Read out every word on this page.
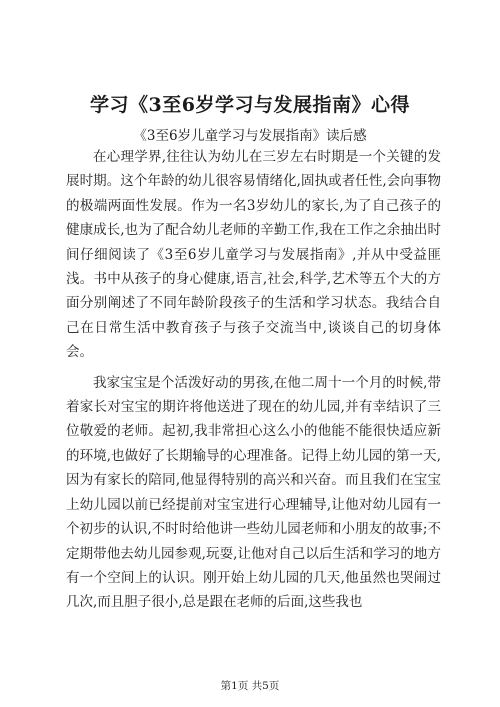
学习《3至6岁学习与发展指南》心得
《3至6岁儿童学习与发展指南》读后感

在心理学界,往往认为幼儿在三岁左右时期是一个关键的发展时期。这个年龄的幼儿很容易情绪化,固执或者任性,会向事物的极端两面性发展。作为一名3岁幼儿的家长,为了自己孩子的健康成长,也为了配合幼儿老师的辛勤工作,我在工作之余抽出时间仔细阅读了《3至6岁儿童学习与发展指南》,并从中受益匪浅。书中从孩子的身心健康,语言,社会,科学,艺术等五个大的方面分别阐述了不同年龄阶段孩子的生活和学习状态。我结合自己在日常生活中教育孩子与孩子交流当中,谈谈自己的切身体会。

我家宝宝是个活泼好动的男孩,在他二周十一个月的时候,带着家长对宝宝的期许将他送进了现在的幼儿园,并有幸结识了三位敬爱的老师。起初,我非常担心这么小的他能不能很快适应新的环境,也做好了长期输导的心理准备。记得上幼儿园的第一天,因为有家长的陪同,他显得特别的高兴和兴奋。而且我们在宝宝上幼儿园以前已经提前对宝宝进行心理辅导,让他对幼儿园有一个初步的认识,不时时给他讲一些幼儿园老师和小朋友的故事;不定期带他去幼儿园参观,玩耍,让他对自己以后生活和学习的地方有一个空间上的认识。刚开始上幼儿园的几天,他虽然也哭闹过几次,而且胆子很小,总是跟在老师的后面,这些我也

第1页 共5页
